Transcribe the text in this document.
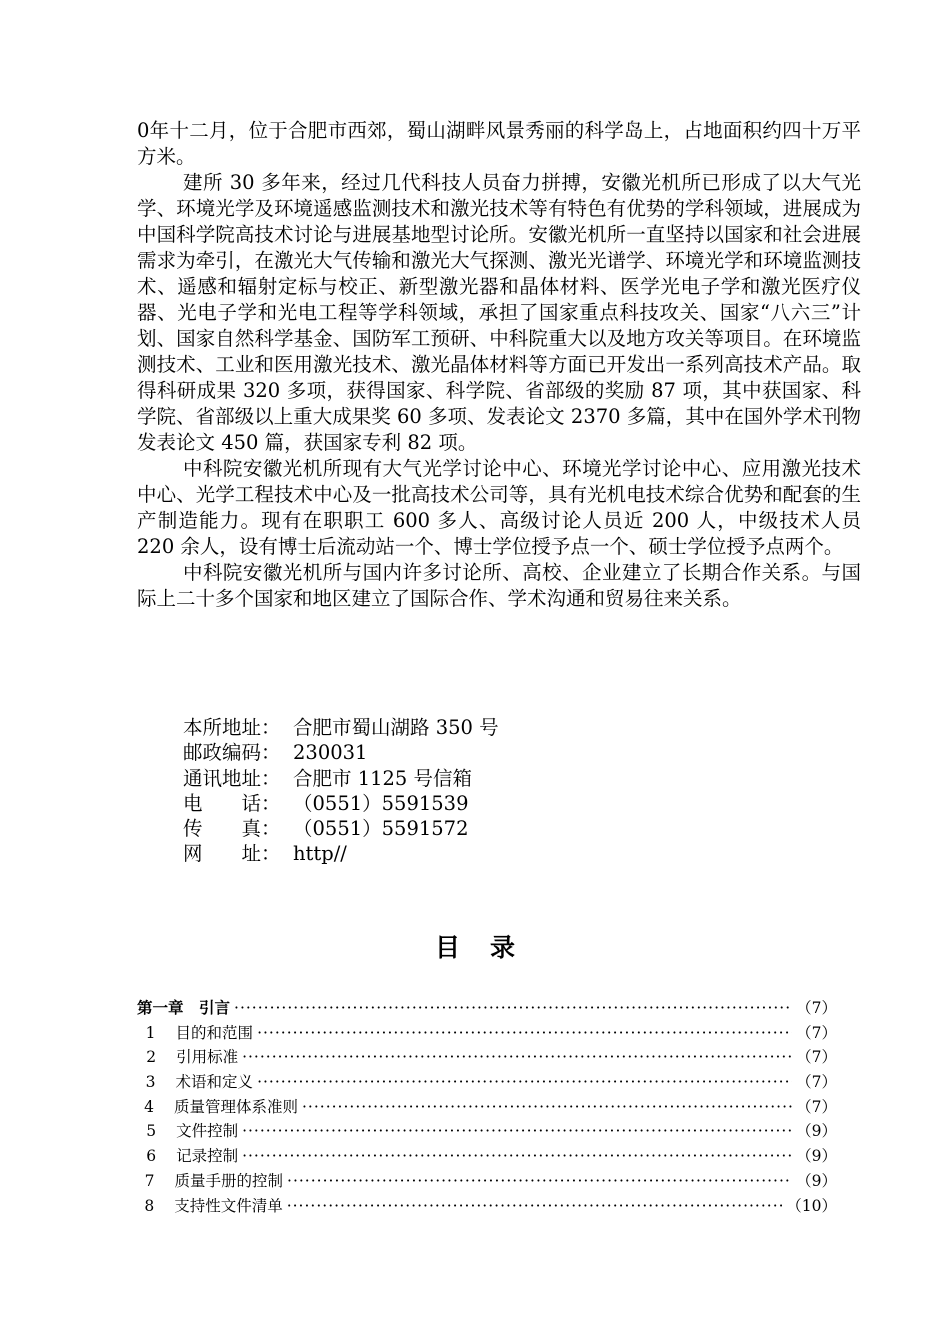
0年十二月，位于合肥市西郊，蜀山湖畔风景秀丽的科学岛上，占地面积约四十万平方米。

建所 30 多年来，经过几代科技人员奋力拼搏，安徽光机所已形成了以大气光学、环境光学及环境遥感监测技术和激光技术等有特色有优势的学科领域，进展成为中国科学院高技术讨论与进展基地型讨论所。安徽光机所一直坚持以国家和社会进展需求为牵引，在激光大气传输和激光大气探测、激光光谱学、环境光学和环境监测技术、遥感和辐射定标与校正、新型激光器和晶体材料、医学光电子学和激光医疗仪器、光电子学和光电工程等学科领域，承担了国家重点科技攻关、国家“八六三”计划、国家自然科学基金、国防军工预研、中科院重大以及地方攻关等项目。在环境监测技术、工业和医用激光技术、激光晶体材料等方面已开发出一系列高技术产品。取得科研成果 320 多项，获得国家、科学院、省部级的奖励 87 项，其中获国家、科学院、省部级以上重大成果奖 60 多项、发表论文 2370 多篇，其中在国外学术刊物发表论文 450 篇，获国家专利 82 项。

中科院安徽光机所现有大气光学讨论中心、环境光学讨论中心、应用激光技术中心、光学工程技术中心及一批高技术公司等，具有光机电技术综合优势和配套的生产制造能力。现有在职职工 600 多人、高级讨论人员近 200 人，中级技术人员 220 余人，设有博士后流动站一个、博士学位授予点一个、硕士学位授予点两个。

中科院安徽光机所与国内许多讨论所、高校、企业建立了长期合作关系。与国际上二十多个国家和地区建立了国际合作、学术沟通和贸易往来关系。

本所地址： 合肥市蜀山湖路 350 号
邮政编码： 230031
通讯地址： 合肥市 1125 号信箱
电　　话： （0551）5591539
传　　真： （0551）5591572
网　　址： http//
目录
第一章　引言 ·····	（7）
1	目的和范围 ·····	（7）
2	引用标准 ·····	（7）
3	术语和定义 ·····	（7）
4	质量管理体系准则 ·····	（7）
5	文件控制 ·····	（9）
6	记录控制 ·····	（9）
7	质量手册的控制 ·····	（9）
8	支持性文件清单 ·····	（10）
